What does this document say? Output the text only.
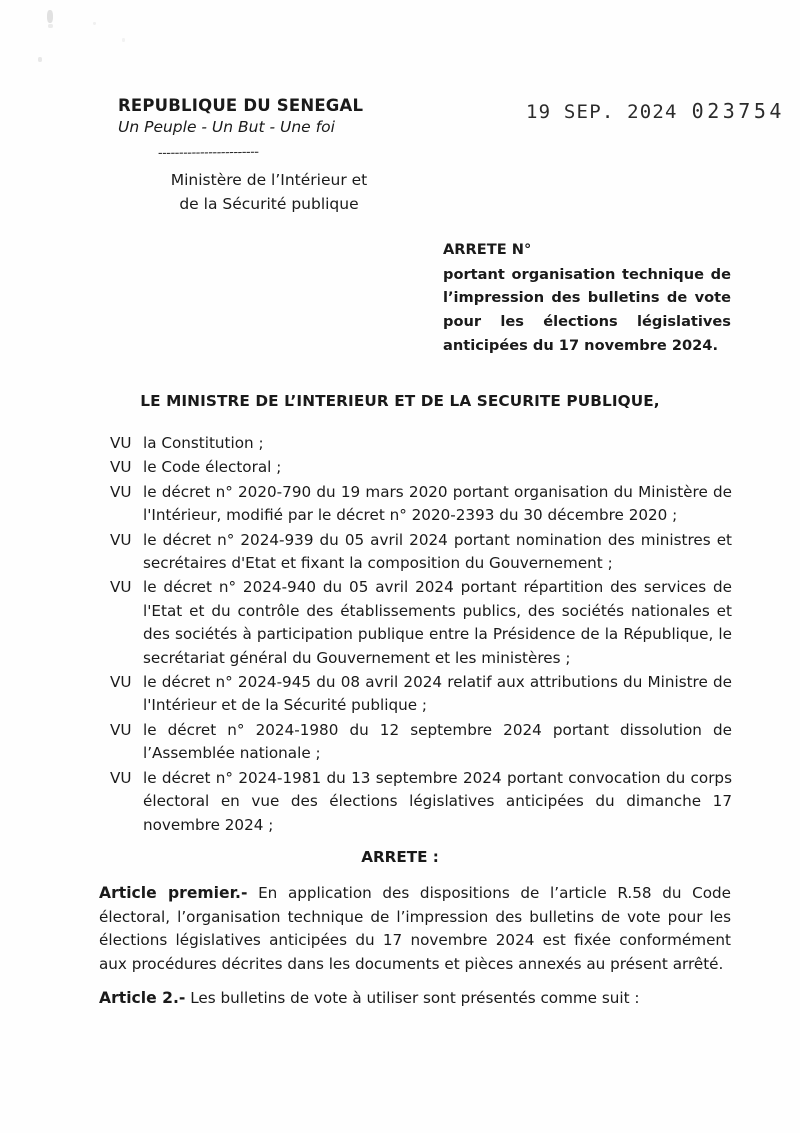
REPUBLIQUE DU SENEGAL
Un Peuple - Un But - Une foi
------------------------
Ministère de l’Intérieur et
de la Sécurité publique
19 SEP. 2024 023754
ARRETE N°
portant organisation technique de l’impression des bulletins de vote pour les élections législatives anticipées du 17 novembre 2024.
LE MINISTRE DE L’INTERIEUR ET DE LA SECURITE PUBLIQUE,
VU la Constitution ;
VU le Code électoral ;
VU le décret n° 2020-790 du 19 mars 2020 portant organisation du Ministère de l'Intérieur, modifié par le décret n° 2020-2393 du 30 décembre 2020 ;
VU le décret n° 2024-939 du 05 avril 2024 portant nomination des ministres et secrétaires d'Etat et fixant la composition du Gouvernement ;
VU le décret n° 2024-940 du 05 avril 2024 portant répartition des services de l'Etat et du contrôle des établissements publics, des sociétés nationales et des sociétés à participation publique entre la Présidence de la République, le secrétariat général du Gouvernement et les ministères ;
VU le décret n° 2024-945 du 08 avril 2024 relatif aux attributions du Ministre de l'Intérieur et de la Sécurité publique ;
VU le décret n° 2024-1980 du 12 septembre 2024 portant dissolution de l’Assemblée nationale ;
VU le décret n° 2024-1981 du 13 septembre 2024 portant convocation du corps électoral en vue des élections législatives anticipées du dimanche 17 novembre 2024 ;
ARRETE :
Article premier.- En application des dispositions de l’article R.58 du Code électoral, l’organisation technique de l’impression des bulletins de vote pour les élections législatives anticipées du 17 novembre 2024 est fixée conformément aux procédures décrites dans les documents et pièces annexés au présent arrêté.
Article 2.- Les bulletins de vote à utiliser sont présentés comme suit :
